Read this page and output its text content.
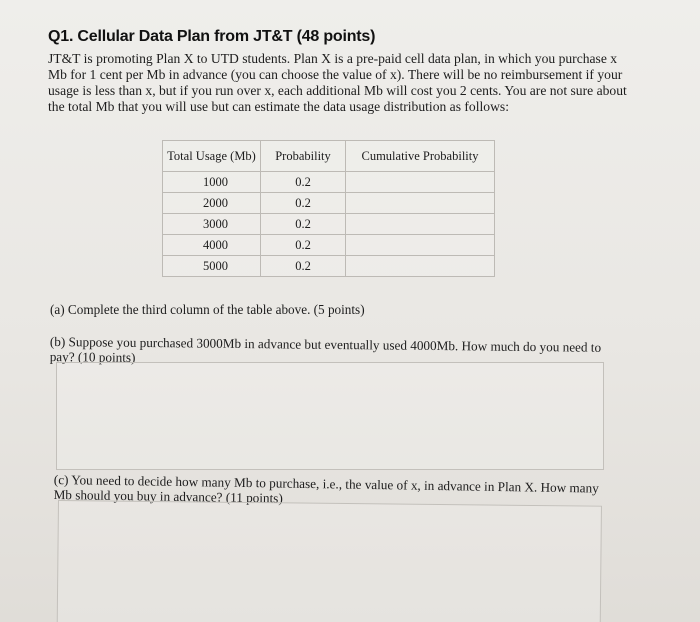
Q1. Cellular Data Plan from JT&T (48 points)
JT&T is promoting Plan X to UTD students. Plan X is a pre-paid cell data plan, in which you purchase x Mb for 1 cent per Mb in advance (you can choose the value of x). There will be no reimbursement if your usage is less than x, but if you run over x, each additional Mb will cost you 2 cents. You are not sure about the total Mb that you will use but can estimate the data usage distribution as follows:
Total Usage (Mb)	Probability	Cumulative Probability
1000	0.2	
2000	0.2	
3000	0.2	
4000	0.2	
5000	0.2	
(a) Complete the third column of the table above. (5 points)
(b) Suppose you purchased 3000Mb in advance but eventually used 4000Mb. How much do you need to pay? (10 points)
(c) You need to decide how many Mb to purchase, i.e., the value of x, in advance in Plan X. How many Mb should you buy in advance? (11 points)
